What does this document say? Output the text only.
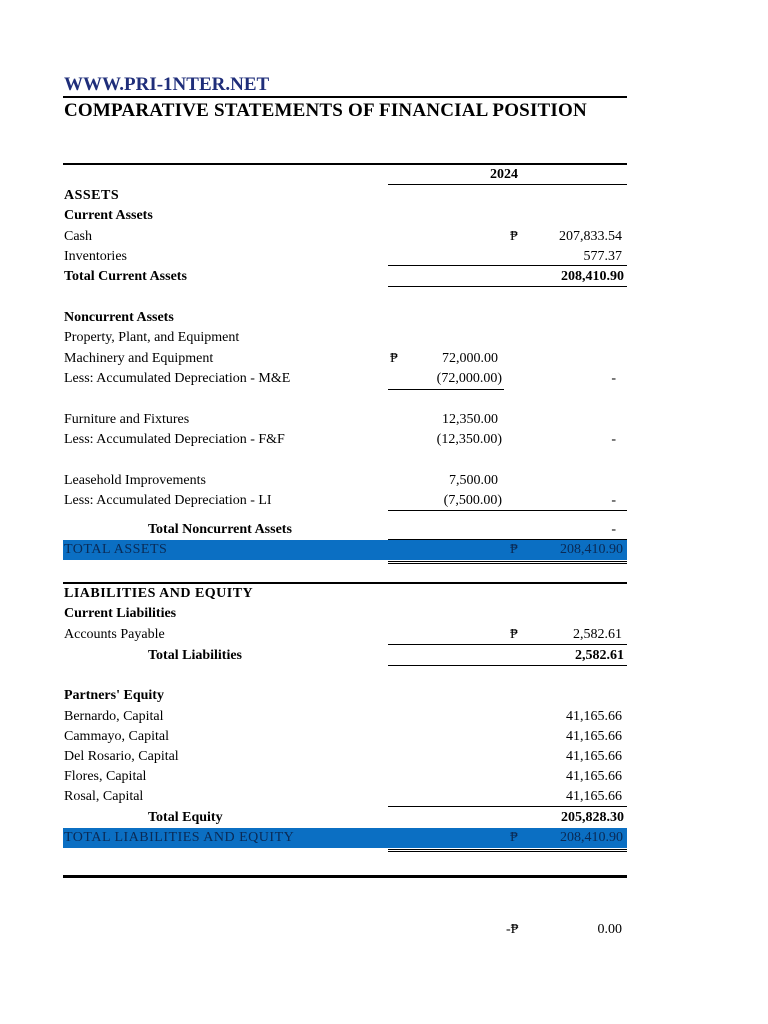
WWW.PRI-1NTER.NET
COMPARATIVE STATEMENTS OF FINANCIAL POSITION
2024
ASSETS
Current Assets
Cash	₱	207,833.54
Inventories	577.37
Total Current Assets	208,410.90
Noncurrent Assets
Property, Plant, and Equipment
Machinery and Equipment	₱	72,000.00
Less: Accumulated Depreciation - M&E	(72,000.00)	-
Furniture and Fixtures	12,350.00
Less: Accumulated Depreciation - F&F	(12,350.00)	-
Leasehold Improvements	7,500.00
Less: Accumulated Depreciation - LI	(7,500.00)	-
Total Noncurrent Assets	-
TOTAL ASSETS	₱	208,410.90
LIABILITIES AND EQUITY
Current Liabilities
Accounts Payable	₱	2,582.61
Total Liabilities	2,582.61
Partners' Equity
Bernardo, Capital	41,165.66
Cammayo, Capital	41,165.66
Del Rosario, Capital	41,165.66
Flores, Capital	41,165.66
Rosal, Capital	41,165.66
Total Equity	205,828.30
TOTAL LIABILITIES AND EQUITY	₱	208,410.90
-₱	0.00
